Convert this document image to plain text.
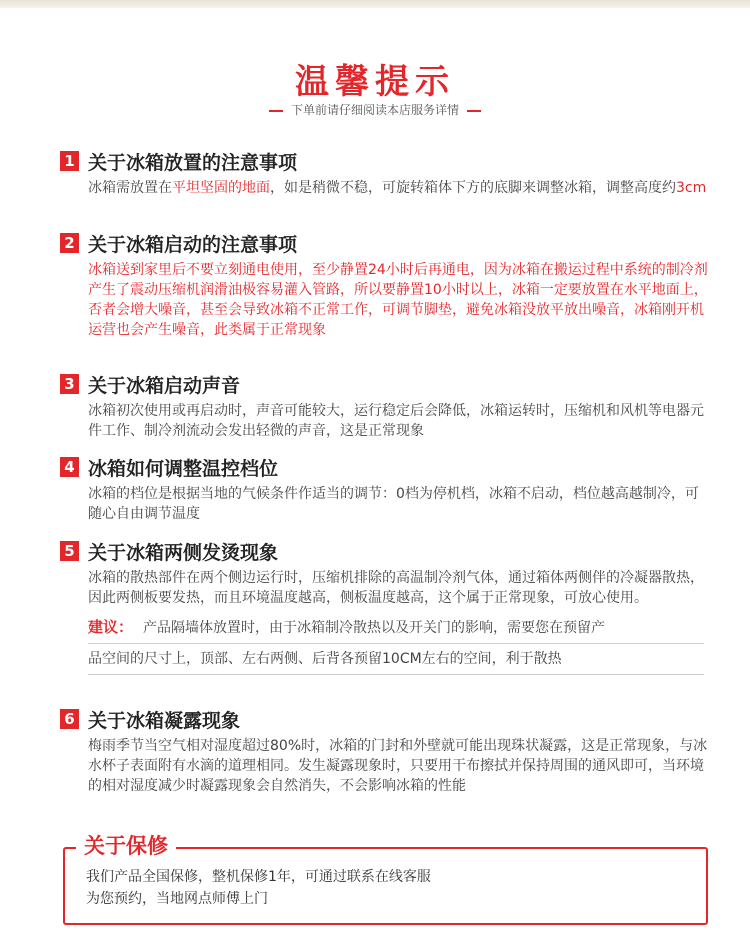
温馨提示
下单前请仔细阅读本店服务详情
1 关于冰箱放置的注意事项
冰箱需放置在平坦坚固的地面，如是稍微不稳，可旋转箱体下方的底脚来调整冰箱，调整高度约3cm
2 关于冰箱启动的注意事项
冰箱送到家里后不要立刻通电使用，至少静置24小时后再通电，因为冰箱在搬运过程中系统的制冷剂产生了震动压缩机润滑油极容易灌入管路，所以要静置10小时以上，冰箱一定要放置在水平地面上，否者会增大噪音，甚至会导致冰箱不正常工作，可调节脚垫，避免冰箱没放平放出噪音，冰箱刚开机运营也会产生噪音，此类属于正常现象
3 关于冰箱启动声音
冰箱初次使用或再启动时，声音可能较大，运行稳定后会降低，冰箱运转时，压缩机和风机等电器元件工作、制冷剂流动会发出轻微的声音，这是正常现象
4 冰箱如何调整温控档位
冰箱的档位是根据当地的气候条件作适当的调节：0档为停机档，冰箱不启动，档位越高越制冷，可随心自由调节温度
5 关于冰箱两侧发烫现象
冰箱的散热部件在两个侧边运行时，压缩机排除的高温制冷剂气体，通过箱体两侧伴的冷凝器散热，因此两侧板要发热，而且环境温度越高，侧板温度越高，这个属于正常现象，可放心使用。
建议： 产品隔墙体放置时，由于冰箱制冷散热以及开关门的影响，需要您在预留产
品空间的尺寸上，顶部、左右两侧、后背各预留10CM左右的空间，利于散热
6 关于冰箱凝露现象
梅雨季节当空气相对湿度超过80%时，冰箱的门封和外壁就可能出现珠状凝露，这是正常现象，与冰水杯子表面附有水滴的道理相同。发生凝露现象时，只要用干布擦拭并保持周围的通风即可，当环境的相对湿度减少时凝露现象会自然消失，不会影响冰箱的性能
关于保修
我们产品全国保修，整机保修1年，可通过联系在线客服
为您预约，当地网点师傅上门
